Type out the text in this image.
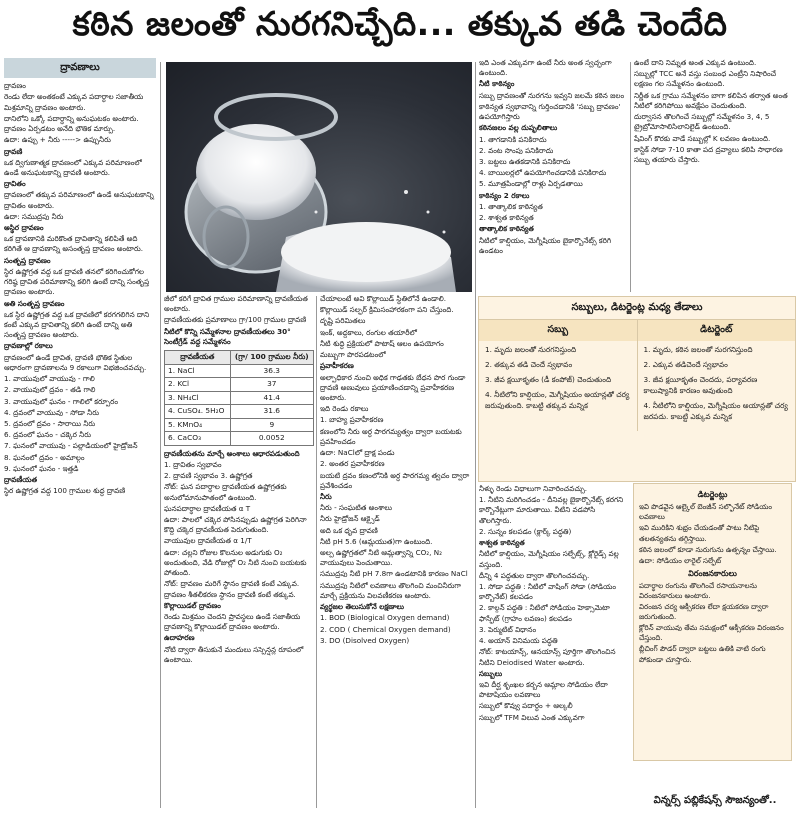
కఠిన జలంతో నురగనిచ్చేది... తక్కువ తడి చెందేది
ద్రావణాలు

ద్రావణం

రెండు లేదా అంతకంటే ఎక్కువ పదార్థాల సజాతీయ మిశ్రమాన్ని ద్రావణం అంటారు.

దానిలోని ఒక్కో పదార్థాన్ని అనుఘటకం అంటారు. ద్రావణం ఏర్పడటం అనేది భౌతిక మార్పు.

ఉదా: ఉప్పు + నీరు -----> ఉప్పునీరు

ద్రావణి

ఒక ద్విగుణాత్మక ద్రావణంలో ఎక్కువ పరిమాణంలో ఉండే అనుఘటకాన్ని ద్రావణి అంటారు.

ద్రావితం

ద్రావణంలో తక్కువ పరిమాణంలో ఉండే అనుఘటకాన్ని ద్రావితం అంటారు.

ఉదా: సముద్రపు నీరు

అస్థిర ద్రావణం

ఒక ద్రావణానికి మరికొంత ద్రావితాన్ని కలిపితే అది కరిగితే ఆ ద్రావణాన్ని అసంతృప్త ద్రావణం అంటారు.

సంతృప్త ద్రావణం

స్థిర ఉష్ణోగ్రత వద్ద ఒక ద్రావణి తనలో కరిగించుకోగల గరిష్ఠ ద్రావిత పరిమాణాన్ని కలిగి ఉంటే దాన్ని సంతృప్త ద్రావణం అంటారు.

అతి సంతృప్త ద్రావణం

ఒక స్థిర ఉష్ణోగ్రత వద్ద ఒక ద్రావణిలో కరగగలిగిన దాని కంటే ఎక్కువ ద్రావితాన్ని కలిగి ఉంటే దాన్ని అతి సంతృప్త ద్రావణం అంటారు.

ద్రావణాల్లో రకాలు

ద్రావణంలో ఉండే ద్రావిత, ద్రావణి భౌతిక స్థితుల ఆధారంగా ద్రావణాలను 9 రకాలుగా విభజించవచ్చు.

1. వాయువులో వాయువు - గాలి

2. వాయువులో ద్రవం - తడి గాలి

3. వాయువులో ఘనం - గాలిలో కర్పూరం

4. ద్రవంలో వాయువు - సోడా నీరు

5. ద్రవంలో ద్రవం - సారాయి నీరు

6. ద్రవంలో ఘనం - చక్కెర నీరు

7. ఘనంలో వాయువు - పల్లాడియంలో హైడ్రోజన్

8. ఘనంలో ద్రవం - అమాల్గం

9. ఘనంలో ఘనం - ఇత్తడి

ద్రావణీయత

స్థిర ఉష్ణోగ్రత వద్ద 100 గ్రాముల శుద్ధ ద్రావణి

జీలో కరిగే ద్రావిత గ్రాముల పరిమాణాన్ని ద్రావణీయత అంటారు.

ద్రావణీయతకు ప్రమాణాలు గ్రా/100 గ్రాముల ద్రావణి

నీటిలో కొన్ని సమ్మేళనాల ద్రావణీయతలు 30° సెంటీగ్రేడ్ వద్ద సమ్మేళనం

ద్రావణీయత	(గ్రా/ 100 గ్రాముల నీరు)
1. NaCl	36.3
2. KCl	37
3. NH₄Cl	41.4
4. CuSO₄. 5H₂O	31.6
5. KMnO₄	9
6. CaCO₃	0.0052

ద్రావణీయతను మార్చే అంశాలు ఆధారపడుతుంది

1. ద్రావితం స్వభావం

2. ద్రావణి స్వభావం 3. ఉష్ణోగ్రత

నోట్: ఘన పదార్థాల ద్రావణీయత ఉష్ణోగ్రతకు అనులోమానుపాతంలో ఉంటుంది.

ఘనపదార్థాల ద్రావణీయత α T

ఉదా: పాలలో చక్కెర పోసినప్పుడు ఉష్ణోగ్రత పెరిగినా కొద్ది చక్కెర ద్రావణీయత పెరుగుతుంది.

వాయువుల ద్రావణీయత α 1/T

ఉదా: చల్లని రోజుల కొలనుల అడుగుకు O₂ అందుతుంది, వేడి రోజుల్లో O₂ నీటి నుంచి బయటకు పోతుంది.

నోట్: ద్రావణం మరిగే స్థానం ద్రావణి కంటే ఎక్కువ. ద్రావణం శీతలీకరణ స్థానం ద్రావణి కంటే తక్కువ.

కొల్లాయిడల్ ద్రావణం

రెండు మిశ్రమం చెందని ప్రావస్థలు ఉండే సజాతీయ ద్రావణాన్ని కొల్లాయిడల్ ద్రావణం అంటారు.

ఉదాహరణ

నోటి ద్వారా తీసుకునే మందులు సస్పెన్షన్ల రూపంలో ఉంటాయి.

చేయాలంటే అవి కొల్లాయిడ్ స్థితిలోనే ఉండాలి.

కొల్లాయిడ్ సల్ఫర్ క్రిమిసంహారకంగా పని చేస్తుంది.

దృష్టి పరిమితలు

ఇంక్, అద్దకాలు, రంగుల తయారీలో

నీటి శుద్ధి ప్రక్రియలో పొటాష్ ఆలం ఉపయోగం

మబ్బుగా పొరపడటంలో

ప్రవాహీకరణ

అల్పాధికార నుంచి అధిక గాఢతకు బేధన పొర గుండా ద్రావణి అణువులు ప్రయాణించడాన్ని ప్రవాహీకరణ అంటారు.

ఇది రెండు రకాలు

1. బాహ్య ప్రవాహీకరణ

కణంలోని నీరు అర్ధ పారగమ్యత్వం ద్వారా బయటకు ప్రవహించడం

ఉదా: NaClలో ద్రాక్ష పండు

2. అంతర ప్రవాహీకరణ

బయటి ద్రవం కణంలోనికి అర్ధ పారగమ్య త్వచం ద్వారా ప్రవేశించడం

నీరు

నీరు - సంఘటిత అంశాలు

నీరు హైడ్రోజన్ ఆక్సైడ్

అది ఒక ధృవ ద్రావణి

నీటి pH 5.6 (ఆమ్లయుత)గా ఉంటుంది.

అల్ప ఉష్ణోగ్రతలో నీటి ఆమ్లత్వాన్ని CO₂, N₂ వాయువులు పెంచుతాయి.

సముద్రపు నీటి pH 7.8గా ఉండటానికి కారణం NaCl

సముద్రపు నీటిలో లవణాలు తొలగించి మంచినీరుగా మార్చే ప్రక్రియను విలవణీకరణ అంటారు.

వ్యర్థజల తెలుసుకోనే లక్షణాలు

1. BOD (Biological Oxygen demand)

2. COD ( Chemical Oxygen demand)

3. DO (Disolved Oxygen)

ఇది ఎంత ఎక్కువగా ఉంటే నీరు అంత స్వచ్ఛంగా ఉంటుంది.

నీటి కాఠిన్యం

సబ్బు ద్రావణంతో నురగను ఇవ్వని జలమే కఠిన జలం

కాఠిన్యత స్వభావాన్ని గుర్తించడానికి 'సబ్బు ద్రావణం' ఉపయోగిస్తారు

కఠినజలం వల్ల దుష్ఫలితాలు

1. తాగడానికి పనికిరాదు

2. వంట సొంపు పనికిరాదు

3. బట్టలు ఉతకడానికి పనికిరాదు

4. బాయిలర్లలో ఉపయోగించడానికి పనికిరాదు

5. మూత్రపిండాల్లో రాళ్లు ఏర్పడతాయి

కాఠిన్యం 2 రకాలు

1. తాత్కాలిక కాఠిన్యత

2. శాశ్వత కాఠిన్యత

తాత్కాలిక కాఠిన్యత

నీటిలో కాల్షియం, మెగ్నీషియం బైకార్బొనేట్స్ కరిగి ఉండటం

ఉంటే దాని నిమ్నత అంత ఎక్కువ ఉంటుంది.

సబ్బుల్లో TCC అనే వస్తు సంబంధ ఎంట్రీని నిషారించే లక్షణం గల సమ్మేళనం ఉంటుంది.

నిర్ణీత ఒక గ్రాము సమ్మేళనం బాగా కలిపిన తర్వాత అంత నీటిలో కరిగిపోయి అవక్షేపం చెందుతుంది.

దుర్వాసన తొలగించే సబ్బుల్లో సమ్మేళనం 3, 4, 5 ట్రైబ్రోమోసాలిసిలానిలైడ్ ఉంటుంది.

షేవింగ్ కొరకు వాడే సబ్బుల్లో K లవణం ఉంటుంది.

కాస్టిక్ సోడా 7-10 కాతా పద ద్రవ్యాలు కలిపి సాధారణ సబ్బు తయారు చేస్తారు.

సబ్బులు, డిటర్జెంట్ల మధ్య తేడాలు
సబ్బు	డిటర్జెంట్

1. మృదు జలంతో నురగనిస్తుంది

2. తక్కువ తడి చెందే స్వభావం

3. జీవ క్షయీకృతం (డీ కంపోజ్) చెందుతుంది

4. నీటిలోని కాల్షియం, మెగ్నీషియం అయాన్లతో చర్య జరుపుతుంది. కాబట్టి తక్కువ మన్నిక

1. మృదు, కఠిన జలంతో నురగనిస్తుంది

2. ఎక్కువ తడిచెందే స్వభావం

3. జీవ క్షయీకృతం చెందదు, పర్యావరణ కాలుష్యానికి కారణం అవుతుంది

4. నీటిలోని కాల్షియం, మెగ్నీషియం అయాన్లతో చర్య జరపదు. కాబట్టి ఎక్కువ మన్నిక

నీళ్ళు రెండు విధాలుగా నివారించవచ్చు.

1. నీటిని మరిగించడం - దీనివల్ల బైకార్బొనేట్స్ కరగని కార్బొనేట్లుగా మారుతాయి. వీటిని వడపోసి తొలగిస్తారు.

2. సున్నం కలపడం (క్లార్క్ పద్ధతి)

శాశ్వత కాఠిన్యత

నీటిలో కాల్షియం, మెగ్నీషియం సల్ఫేట్స్, క్లోరైడ్స్ వల్ల వస్తుంది.

దీన్ని 4 పద్ధతుల ద్వారా తొలగించవచ్చు.

1. సోడా పద్ధతి : నీటిలో వాషింగ్ సోడా (సోడియం కార్బొనేట్) కలపడం

2. కాల్గన్ పద్ధతి : నీటిలో సోడియం హెక్సామెటా ఫాస్ఫేట్ (గ్రాహం లవణం) కలపడం

3. పెర్ముటిట్ విధానం

4. అయాన్ వినిమయ పద్ధతి

నోట్: కాటయాన్స్, ఆనయాన్స్ పూర్తిగా తొలగించిన నీటిని Deiodised Water అంటారు.

సబ్బులు

ఇవి దీర్ఘ శృంఖల కర్బన ఆమ్లాల సోడియం లేదా పొటాషియం లవణాలు

సబ్బులో కొవ్వు పదార్థం + ఆల్కలీ

సబ్బులో TFM విలువ ఎంత ఎక్కువగా

డిటర్జెంట్లు

ఇవి పొడవైన ఆల్కైల్ బెంజీన్ సల్ఫొనేట్ సోడియం లవణాలు

ఇవి మురికిని శుభ్రం చేయడంతో పాటు నీటిపై తలతన్యతను తగ్గిస్తాయి.

కఠిన జలంలో కూడా నురుగును ఉత్పన్నం చేస్తాయి.

ఉదా: సోడియం లారైల్ సల్ఫేట్

విరంజనకారులు

పదార్థాల రంగును తొలగించే రసాయనాలను విరంజనకారులు అంటారు.

విరంజన చర్య ఆక్సీకరణ లేదా క్షయకరణ ద్వారా జరుగుతుంది.

క్లోరిన్ వాయువు తేమ సమక్షంలో ఆక్సీకరణ విరంజనం చేస్తుంది.

బ్లీచింగ్ పౌడర్ ద్వారా బట్టలు ఉతికి వాటి రంగు పోకుండా చూస్తారు.

విన్నర్స్ పబ్లికేషన్స్ సౌజన్యంతో..
